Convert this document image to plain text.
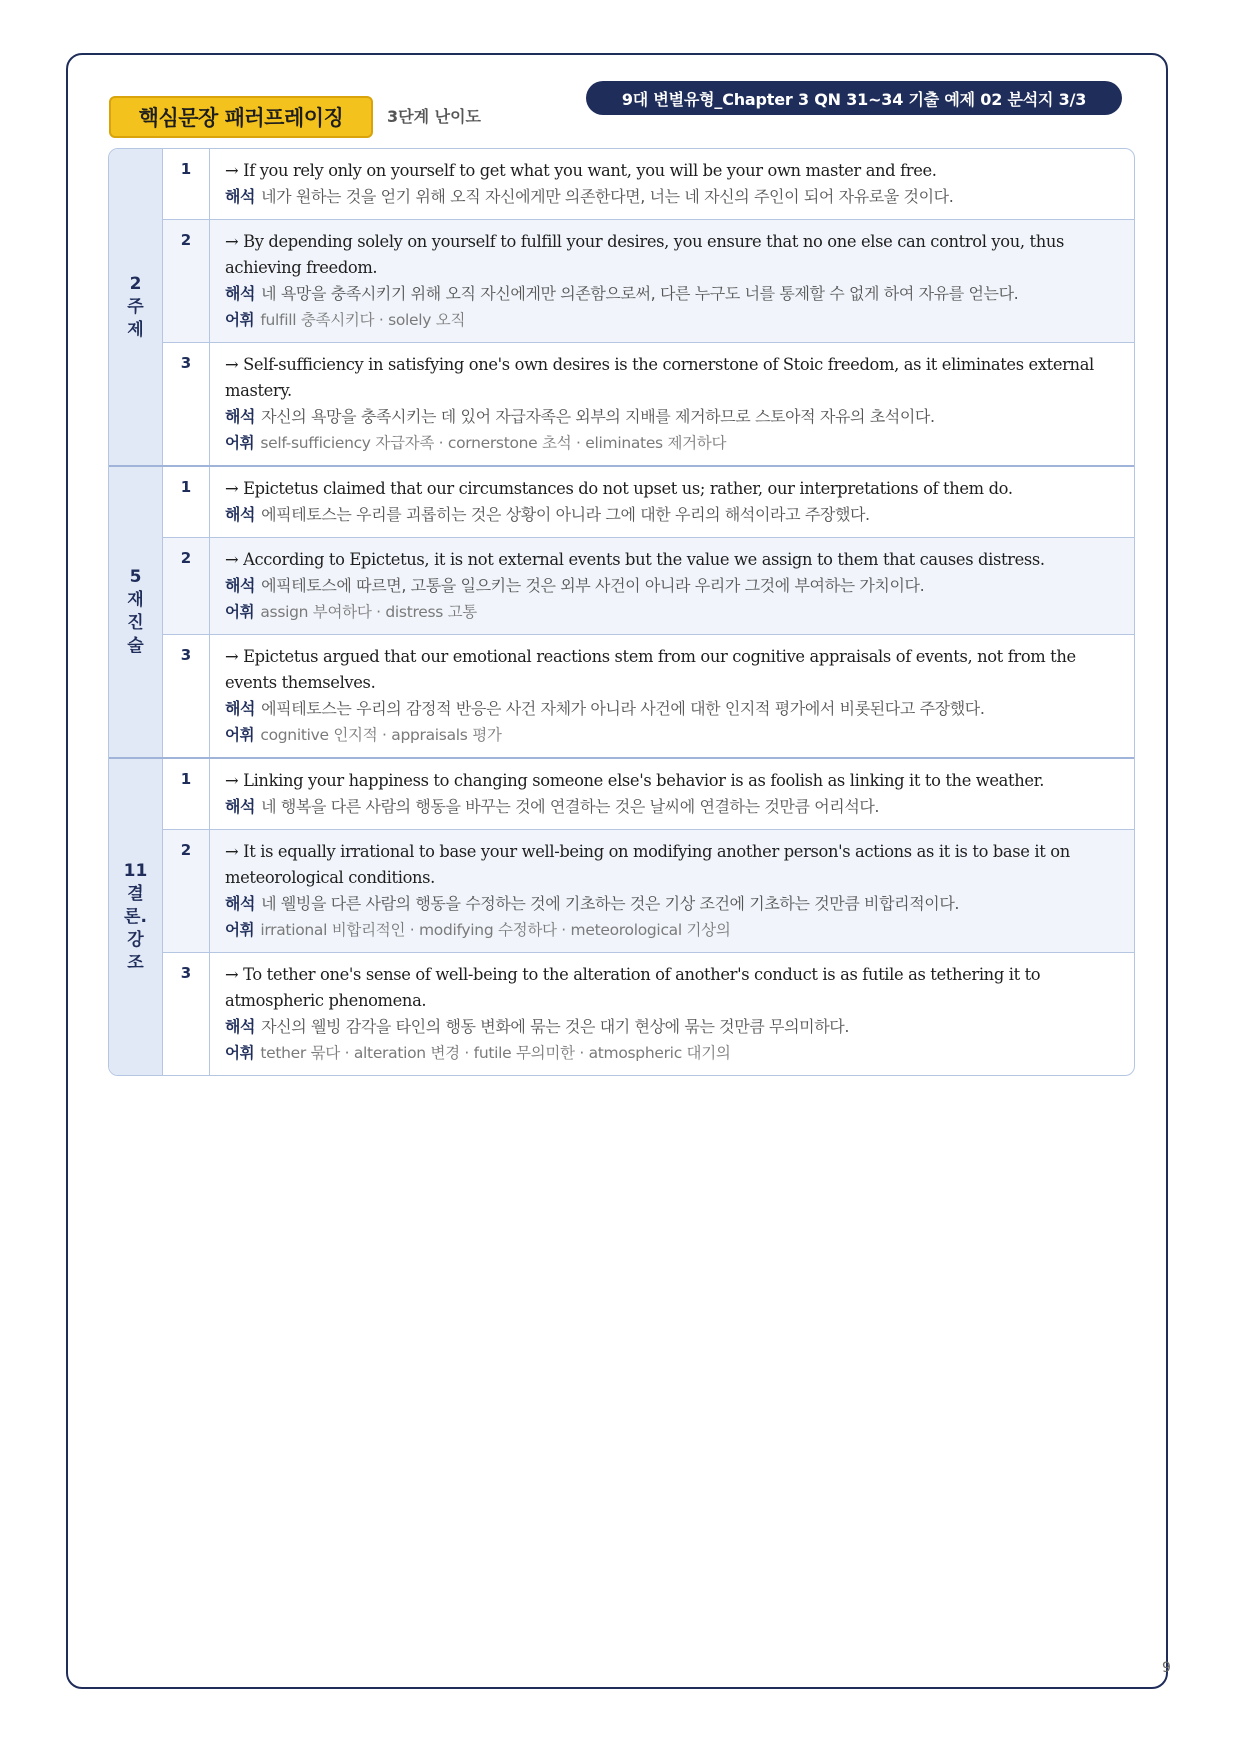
핵심문장 패러프레이징	3단계 난이도
9대 변별유형_Chapter 3 QN 31~34 기출 예제 02 분석지 3/3
2
주
제
1	→ If you rely only on yourself to get what you want, you will be your own master and free.
해석 네가 원하는 것을 얻기 위해 오직 자신에게만 의존한다면, 너는 네 자신의 주인이 되어 자유로울 것이다.
2	→ By depending solely on yourself to fulfill your desires, you ensure that no one else can control you, thus achieving freedom.
해석 네 욕망을 충족시키기 위해 오직 자신에게만 의존함으로써, 다른 누구도 너를 통제할 수 없게 하여 자유를 얻는다.
어휘 fulfill 충족시키다 · solely 오직
3	→ Self-sufficiency in satisfying one's own desires is the cornerstone of Stoic freedom, as it eliminates external mastery.
해석 자신의 욕망을 충족시키는 데 있어 자급자족은 외부의 지배를 제거하므로 스토아적 자유의 초석이다.
어휘 self-sufficiency 자급자족 · cornerstone 초석 · eliminates 제거하다
5
재
진
술
1	→ Epictetus claimed that our circumstances do not upset us; rather, our interpretations of them do.
해석 에픽테토스는 우리를 괴롭히는 것은 상황이 아니라 그에 대한 우리의 해석이라고 주장했다.
2	→ According to Epictetus, it is not external events but the value we assign to them that causes distress.
해석 에픽테토스에 따르면, 고통을 일으키는 것은 외부 사건이 아니라 우리가 그것에 부여하는 가치이다.
어휘 assign 부여하다 · distress 고통
3	→ Epictetus argued that our emotional reactions stem from our cognitive appraisals of events, not from the events themselves.
해석 에픽테토스는 우리의 감정적 반응은 사건 자체가 아니라 사건에 대한 인지적 평가에서 비롯된다고 주장했다.
어휘 cognitive 인지적 · appraisals 평가
11
결
론.
강
조
1	→ Linking your happiness to changing someone else's behavior is as foolish as linking it to the weather.
해석 네 행복을 다른 사람의 행동을 바꾸는 것에 연결하는 것은 날씨에 연결하는 것만큼 어리석다.
2	→ It is equally irrational to base your well-being on modifying another person's actions as it is to base it on meteorological conditions.
해석 네 웰빙을 다른 사람의 행동을 수정하는 것에 기초하는 것은 기상 조건에 기초하는 것만큼 비합리적이다.
어휘 irrational 비합리적인 · modifying 수정하다 · meteorological 기상의
3	→ To tether one's sense of well-being to the alteration of another's conduct is as futile as tethering it to atmospheric phenomena.
해석 자신의 웰빙 감각을 타인의 행동 변화에 묶는 것은 대기 현상에 묶는 것만큼 무의미하다.
어휘 tether 묶다 · alteration 변경 · futile 무의미한 · atmospheric 대기의
9
